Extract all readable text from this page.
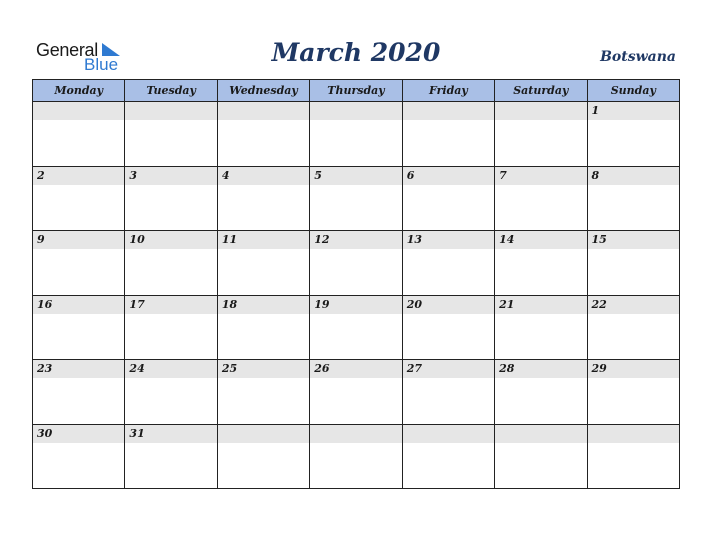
General
Blue	March 2020	Botswana
Monday	Tuesday	Wednesday	Thursday	Friday	Saturday	Sunday

						1

2	3	4	5	6	7	8

9	10	11	12	13	14	15

16	17	18	19	20	21	22

23	24	25	26	27	28	29

30	31					
